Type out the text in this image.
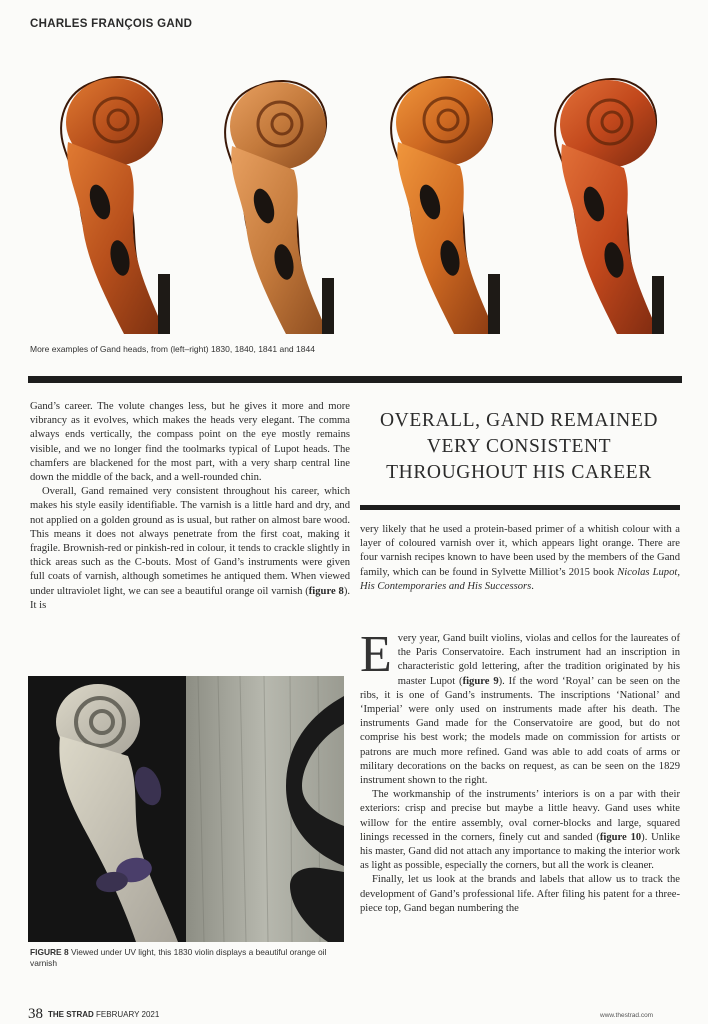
CHARLES FRANÇOIS GAND
More examples of Gand heads, from (left–right) 1830, 1840, 1841 and 1844

Gand’s career. The volute changes less, but he gives it more and more vibrancy as it evolves, which makes the heads very elegant. The comma always ends vertically, the compass point on the eye mostly remains visible, and we no longer find the toolmarks typical of Lupot heads. The chamfers are blackened for the most part, with a very sharp central line down the middle of the back, and a well-rounded chin.

Overall, Gand remained very consistent throughout his career, which makes his style easily identifiable. The varnish is a little hard and dry, and not applied on a golden ground as is usual, but rather on almost bare wood. This means it does not always penetrate from the first coat, making it fragile. Brownish-red or pinkish-red in colour, it tends to crackle slightly in thick areas such as the C-bouts. Most of Gand’s instruments were given full coats of varnish, although sometimes he antiqued them. When viewed under ultraviolet light, we can see a beautiful orange oil varnish (figure 8). It is

OVERALL, GAND REMAINED VERY CONSISTENT THROUGHOUT HIS CAREER

very likely that he used a protein-based primer of a whitish colour with a layer of coloured varnish over it, which appears light orange. There are four varnish recipes known to have been used by the members of the Gand family, which can be found in Sylvette Milliot’s 2015 book Nicolas Lupot, His Contemporaries and His Successors.

Every year, Gand built violins, violas and cellos for the laureates of the Paris Conservatoire. Each instrument had an inscription in characteristic gold lettering, after the tradition originated by his master Lupot (figure 9). If the word ‘Royal’ can be seen on the ribs, it is one of Gand’s instruments. The inscriptions ‘National’ and ‘Imperial’ were only used on instruments made after his death. The instruments Gand made for the Conservatoire are good, but do not comprise his best work; the models made on commission for artists or patrons are much more refined. Gand was able to add coats of arms or military decorations on the backs on request, as can be seen on the 1829 instrument shown to the right.

The workmanship of the instruments’ interiors is on a par with their exteriors: crisp and precise but maybe a little heavy. Gand uses white willow for the entire assembly, oval corner-blocks and large, squared linings recessed in the corners, finely cut and sanded (figure 10). Unlike his master, Gand did not attach any importance to making the interior work as light as possible, especially the corners, but all the work is cleaner.

Finally, let us look at the brands and labels that allow us to track the development of Gand’s professional life. After filing his patent for a three-piece top, Gand began numbering the

FIGURE 8 Viewed under UV light, this 1830 violin displays a beautiful orange oil varnish
38 THE STRAD FEBRUARY 2021	www.thestrad.com
